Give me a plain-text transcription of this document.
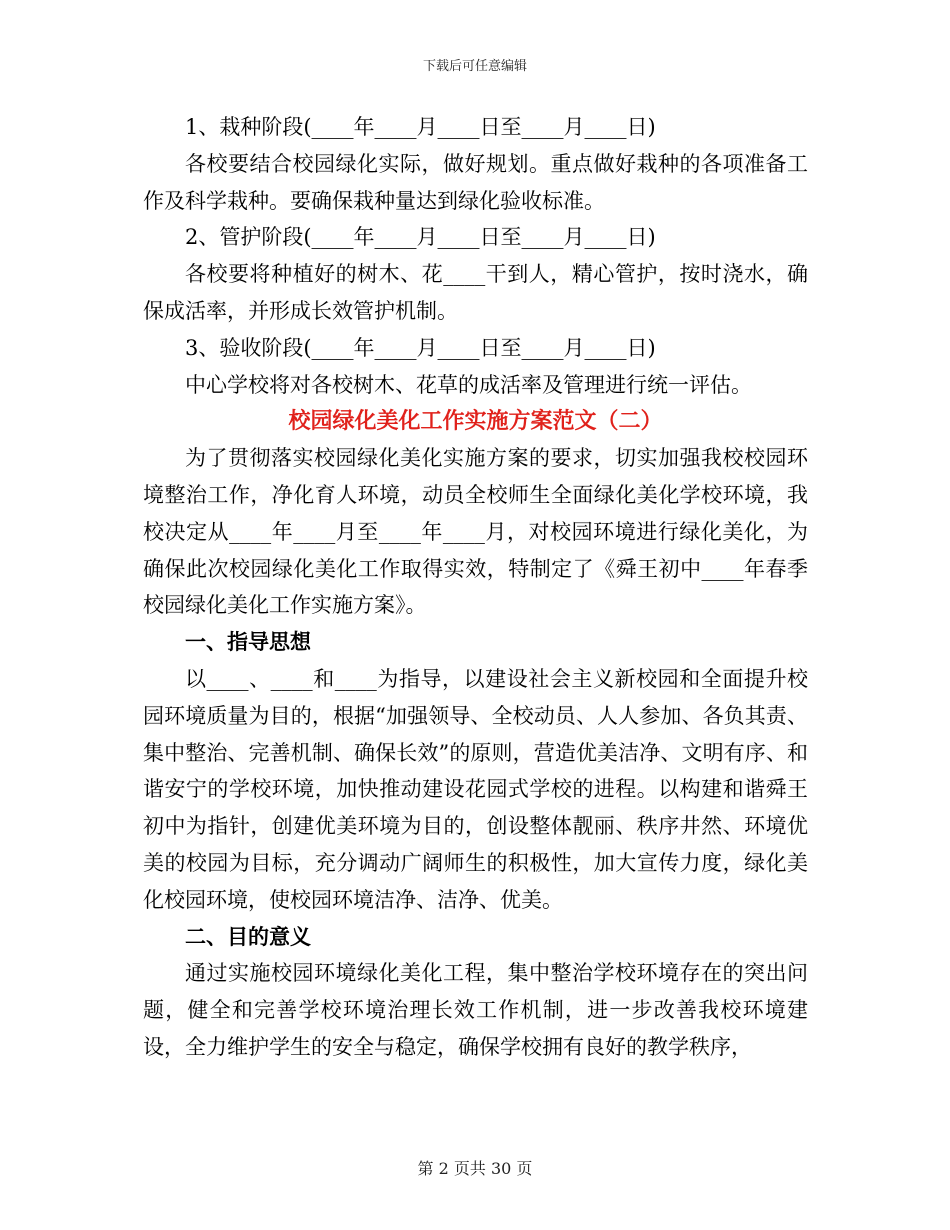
下载后可任意编辑

1、栽种阶段(____年____月____日至____月____日)

各校要结合校园绿化实际，做好规划。重点做好栽种的各项准备工作及科学栽种。要确保栽种量达到绿化验收标准。

2、管护阶段(____年____月____日至____月____日)

各校要将种植好的树木、花____干到人，精心管护，按时浇水，确保成活率，并形成长效管护机制。

3、验收阶段(____年____月____日至____月____日)

中心学校将对各校树木、花草的成活率及管理进行统一评估。

校园绿化美化工作实施方案范文（二）

为了贯彻落实校园绿化美化实施方案的要求，切实加强我校校园环境整治工作，净化育人环境，动员全校师生全面绿化美化学校环境，我校决定从____年____月至____年____月，对校园环境进行绿化美化，为确保此次校园绿化美化工作取得实效，特制定了《舜王初中____年春季校园绿化美化工作实施方案》。

一、指导思想

以____、____和____为指导，以建设社会主义新校园和全面提升校园环境质量为目的，根据“加强领导、全校动员、人人参加、各负其责、集中整治、完善机制、确保长效”的原则，营造优美洁净、文明有序、和谐安宁的学校环境，加快推动建设花园式学校的进程。以构建和谐舜王初中为指针，创建优美环境为目的，创设整体靓丽、秩序井然、环境优美的校园为目标，充分调动广阔师生的积极性，加大宣传力度，绿化美化校园环境，使校园环境洁净、洁净、优美。

二、目的意义

通过实施校园环境绿化美化工程，集中整治学校环境存在的突出问题，健全和完善学校环境治理长效工作机制，进一步改善我校环境建设，全力维护学生的安全与稳定，确保学校拥有良好的教学秩序，

第 2 页共 30 页
